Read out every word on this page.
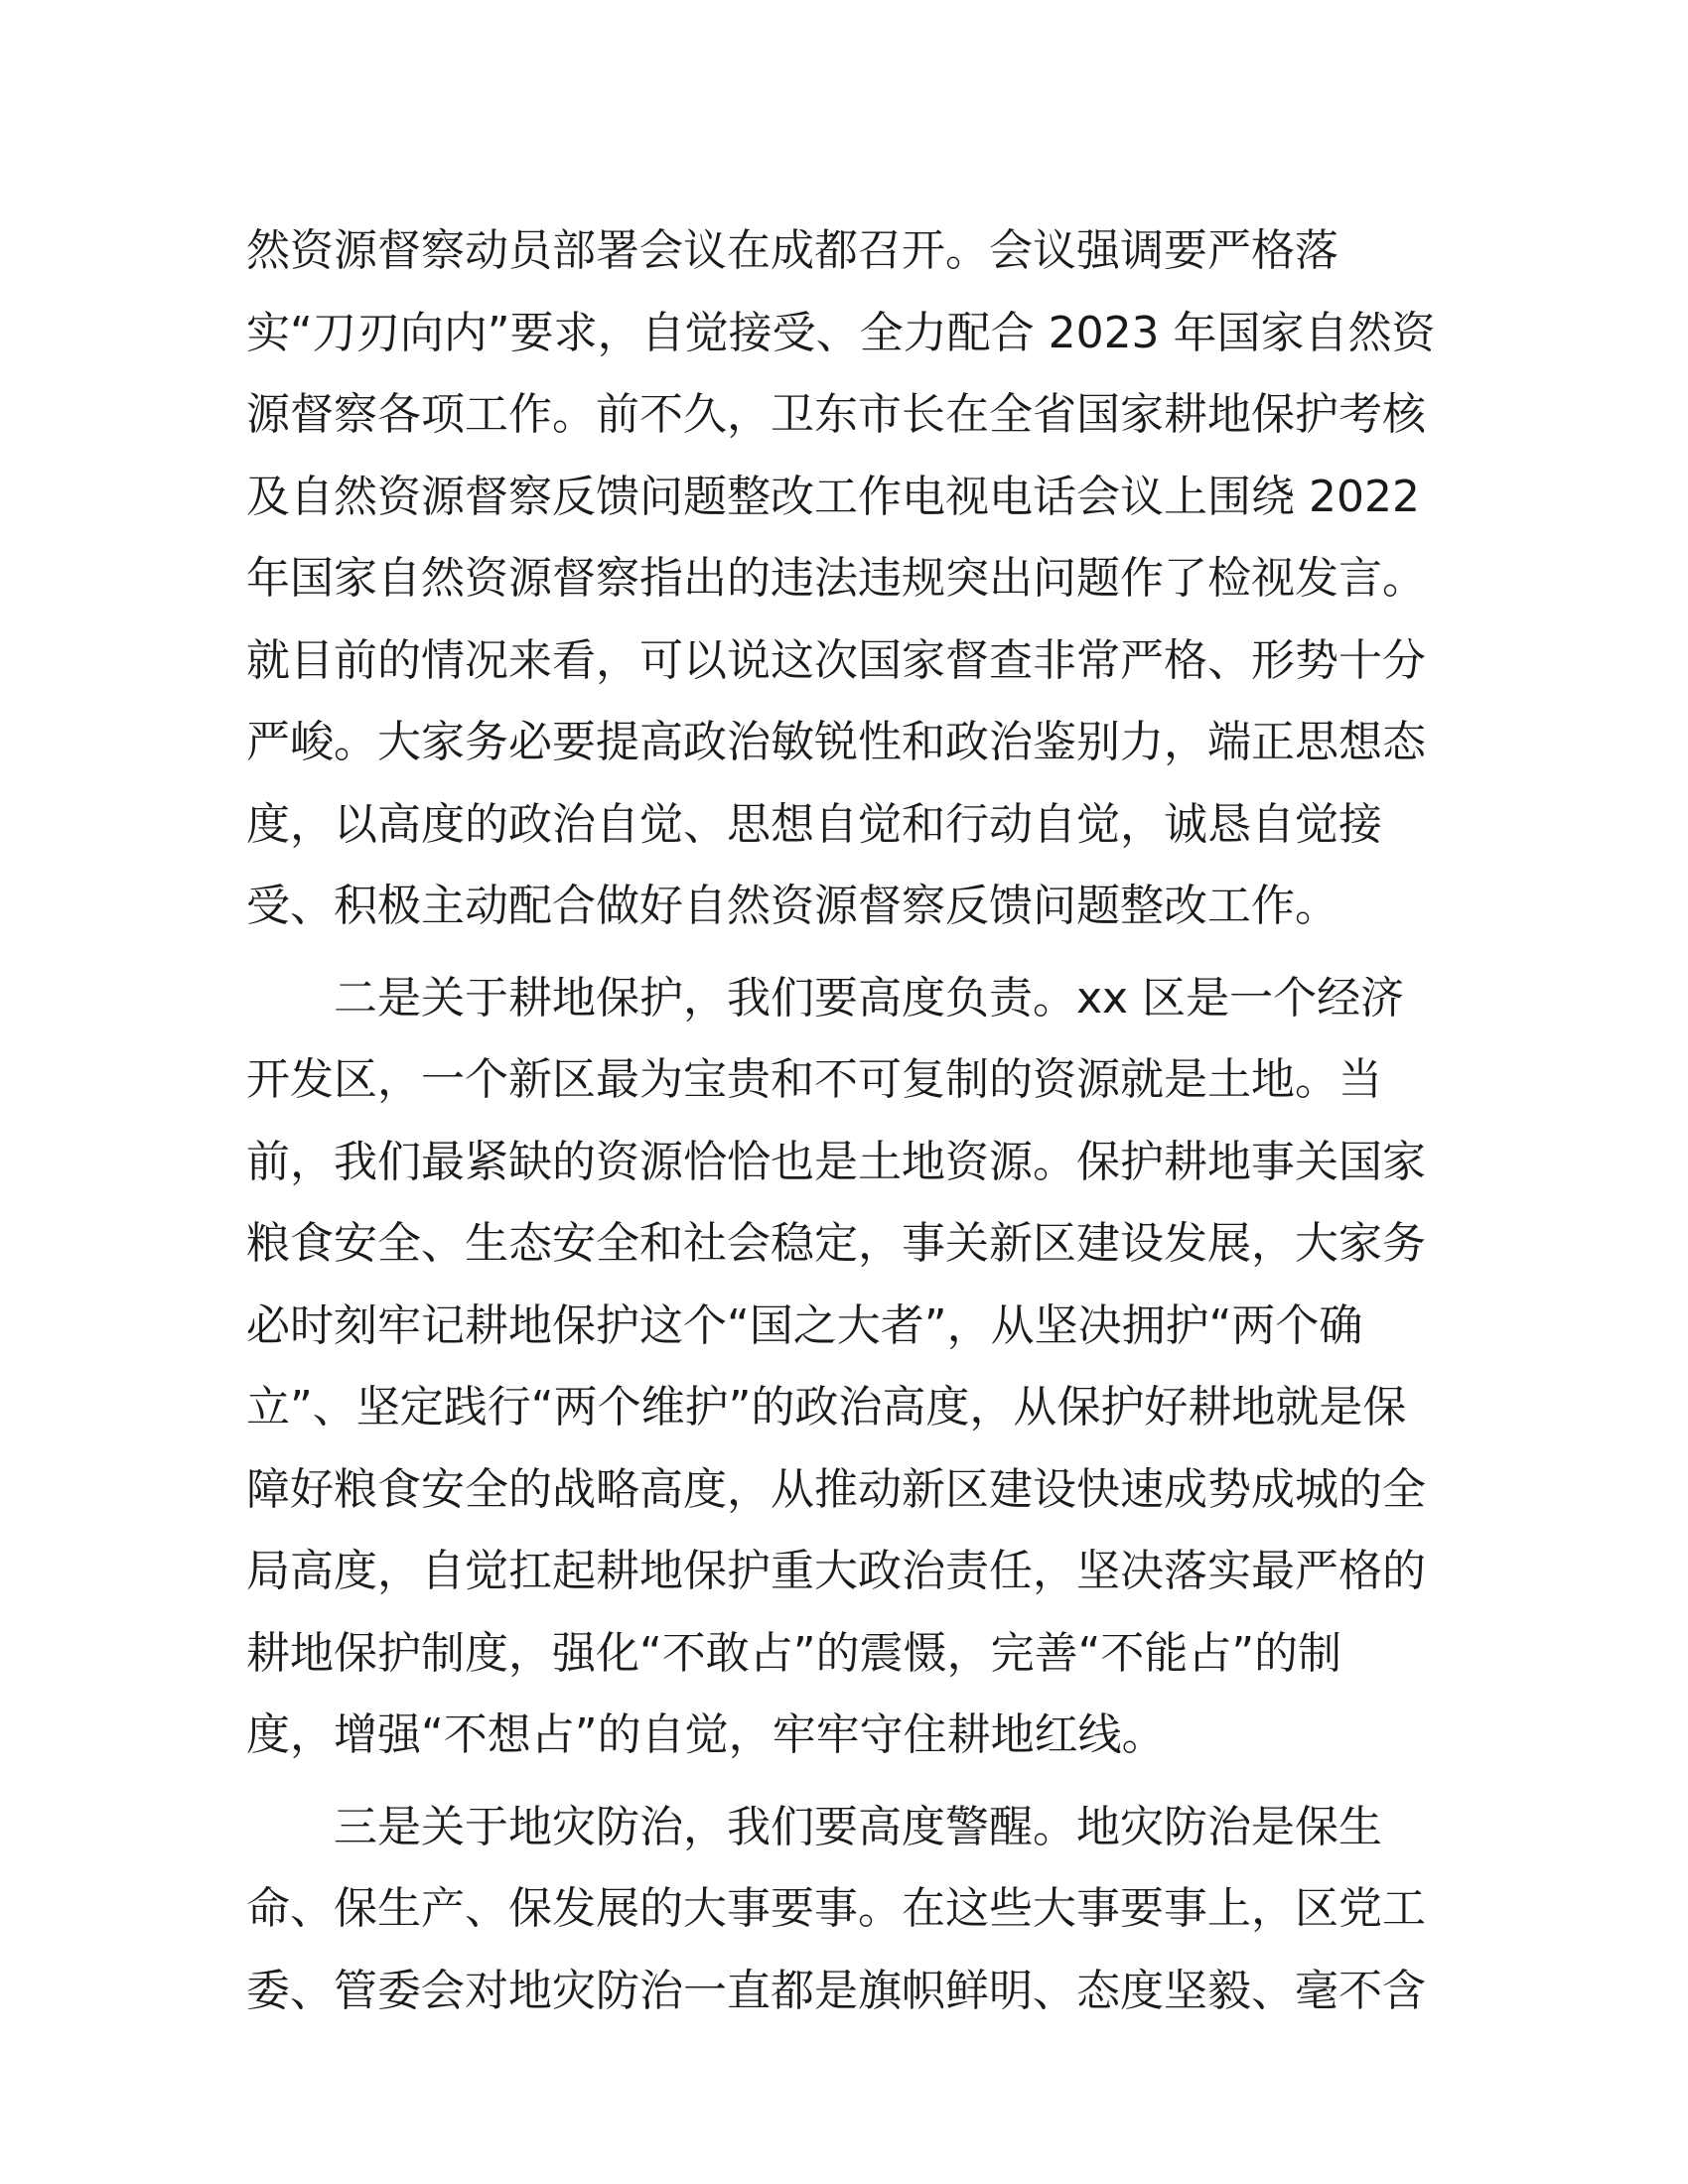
然资源督察动员部署会议在成都召开。会议强调要严格落
实“刀刃向内”要求，自觉接受、全力配合 2023 年国家自然资
源督察各项工作。前不久，卫东市长在全省国家耕地保护考核
及自然资源督察反馈问题整改工作电视电话会议上围绕 2022
年国家自然资源督察指出的违法违规突出问题作了检视发言。
就目前的情况来看，可以说这次国家督查非常严格、形势十分
严峻。大家务必要提高政治敏锐性和政治鉴别力，端正思想态
度，以高度的政治自觉、思想自觉和行动自觉，诚恳自觉接
受、积极主动配合做好自然资源督察反馈问题整改工作。

二是关于耕地保护，我们要高度负责。xx 区是一个经济
开发区，一个新区最为宝贵和不可复制的资源就是土地。当
前，我们最紧缺的资源恰恰也是土地资源。保护耕地事关国家
粮食安全、生态安全和社会稳定，事关新区建设发展，大家务
必时刻牢记耕地保护这个“国之大者”，从坚决拥护“两个确
立”、坚定践行“两个维护”的政治高度，从保护好耕地就是保
障好粮食安全的战略高度，从推动新区建设快速成势成城的全
局高度，自觉扛起耕地保护重大政治责任，坚决落实最严格的
耕地保护制度，强化“不敢占”的震慑，完善“不能占”的制
度，增强“不想占”的自觉，牢牢守住耕地红线。

三是关于地灾防治，我们要高度警醒。地灾防治是保生
命、保生产、保发展的大事要事。在这些大事要事上，区党工
委、管委会对地灾防治一直都是旗帜鲜明、态度坚毅、毫不含
